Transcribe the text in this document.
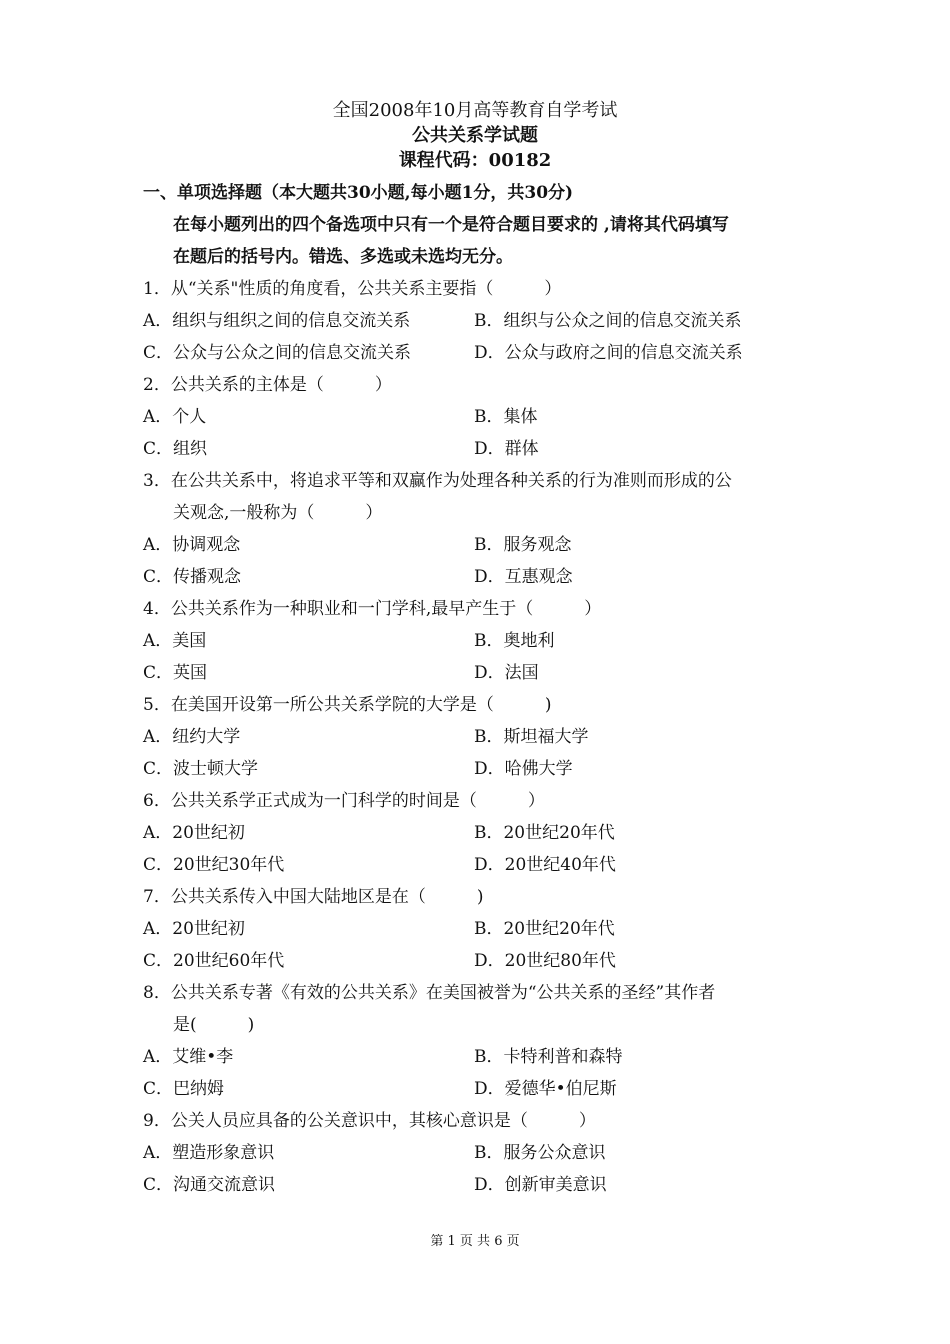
全国2008年10月高等教育自学考试
公共关系学试题
课程代码：00182
一、单项选择题（本大题共30小题,每小题1分，共30分)
在每小题列出的四个备选项中只有一个是符合题目要求的 ,请将其代码填写
在题后的括号内。错选、多选或未选均无分。
1．从“关系"性质的角度看，公共关系主要指（　　　）
A．组织与组织之间的信息交流关系	B．组织与公众之间的信息交流关系
C．公众与公众之间的信息交流关系	D．公众与政府之间的信息交流关系
2．公共关系的主体是（　　　）
A．个人	B．集体
C．组织	D．群体
3．在公共关系中，将追求平等和双赢作为处理各种关系的行为准则而形成的公
关观念,一般称为（　　　）
A．协调观念	B．服务观念
C．传播观念	D．互惠观念
4．公共关系作为一种职业和一门学科,最早产生于（　　　）
A．美国	B．奥地利
C．英国	D．法国
5．在美国开设第一所公共关系学院的大学是（　　　)
A．纽约大学	B．斯坦福大学
C．波士顿大学	D．哈佛大学
6．公共关系学正式成为一门科学的时间是（　　　）
A．20世纪初	B．20世纪20年代
C．20世纪30年代	D．20世纪40年代
7．公共关系传入中国大陆地区是在（　　　)
A．20世纪初	B．20世纪20年代
C．20世纪60年代	D．20世纪80年代
8．公共关系专著《有效的公共关系》在美国被誉为“公共关系的圣经”其作者
是(　　　)
A．艾维•李	B．卡特利普和森特
C．巴纳姆	D．爱德华•伯尼斯
9．公关人员应具备的公关意识中，其核心意识是（　　　）
A．塑造形象意识	B．服务公众意识
C．沟通交流意识	D．创新审美意识
第 1 页 共 6 页
